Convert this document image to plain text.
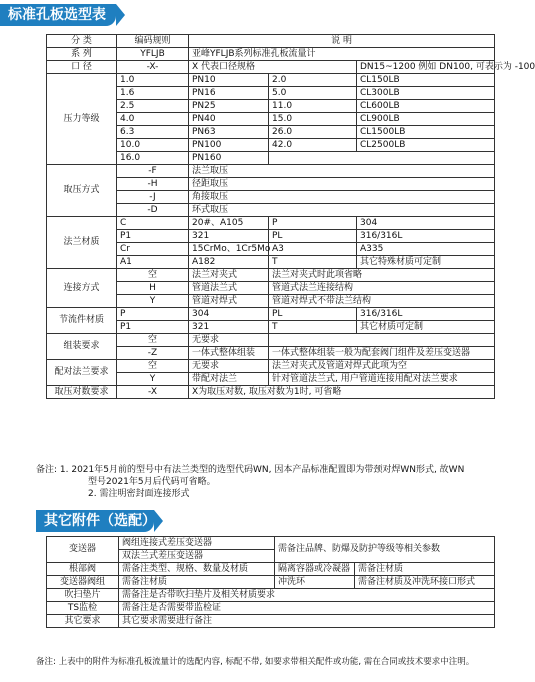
标准孔板选型表
分 类	编码规则	说 明		
系 列	YFLJB	亚峰YFLJB系列标准孔板流量计		
口 径	-X-	X 代表口径规格		DN15~1200 例如 DN100, 可表示为 -100
压力等级	1.0	PN10	2.0	CL150LB
	1.6	PN16	5.0	CL300LB
	2.5	PN25	11.0	CL600LB
	4.0	PN40	15.0	CL900LB
	6.3	PN63	26.0	CL1500LB
	10.0	PN100	42.0	CL2500LB
	16.0	PN160		
取压方式	-F	法兰取压		
	-H	径距取压		
	-J	角接取压		
	-D	环式取压		
法兰材质	C	20#、A105	P	304
	P1	321	PL	316/316L
	Cr	15CrMo、1Cr5Mo	A3	A335
	A1	A182	T	其它特殊材质可定制
连接方式	空	法兰对夹式	法兰对夹式时此项省略	
	H	管道法兰式	管道式法兰连接结构	
	Y	管道对焊式	管道对焊式不带法兰结构	
节流件材质	P	304	PL	316/316L
	P1	321	T	其它材质可定制
组装要求	空	无要求		
	-Z	一体式整体组装	一体式整体组装一般为配套阀门组件及差压变送器	
配对法兰要求	空	无要求	法兰对夹式及管道对焊式此项为空	
	Y	带配对法兰	针对管道法兰式, 用户管道连接用配对法兰要求	
取压对数要求	-X	X为取压对数, 取压对数为1时, 可省略		
备注: 1. 2021年5月前的型号中有法兰类型的选型代码WN, 因本产品标准配置即为带颈对焊WN形式, 故WN
型号2021年5月后代码可省略。
2. 需注明密封面连接形式
其它附件（选配）
变送器	阀组连接式差压变送器	需备注品牌、防爆及防护等级等相关参数	
	双法兰式差压变送器		
根部阀	需备注类型、规格、数量及材质	隔离容器或冷凝器	需备注材质
变送器阀组	需备注材质	冲洗环	需备注材质及冲洗环接口形式
吹扫垫片	需备注是否带吹扫垫片及相关材质要求		
TS监检	需备注是否需要带监检证		
其它要求	其它要求需要进行备注		
备注: 上表中的附件为标准孔板流量计的选配内容, 标配不带, 如要求带相关配件或功能, 需在合同或技术要求中注明。
